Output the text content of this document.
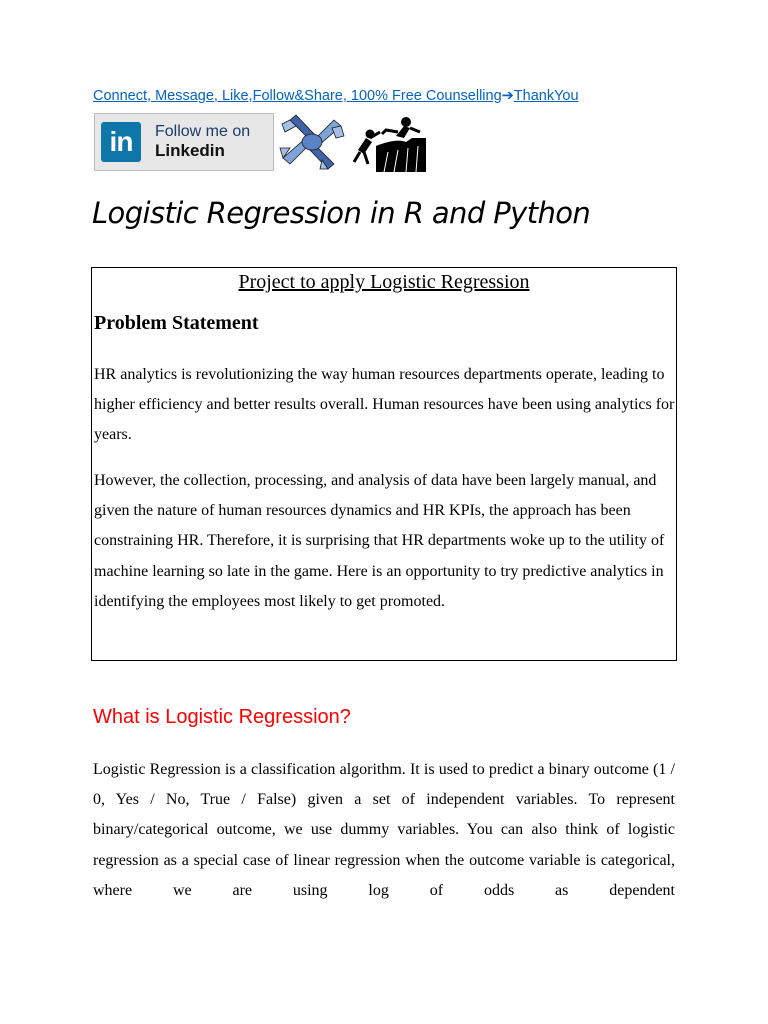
Connect, Message, Like,Follow&Share, 100% Free Counselling➔ThankYou
in	Follow me on
Linkedin
Logistic Regression in R and Python
Project to apply Logistic Regression
Problem Statement

HR analytics is revolutionizing the way human resources departments operate, leading to higher efficiency and better results overall. Human resources have been using analytics for years.

However, the collection, processing, and analysis of data have been largely manual, and given the nature of human resources dynamics and HR KPIs, the approach has been constraining HR. Therefore, it is surprising that HR departments woke up to the utility of machine learning so late in the game. Here is an opportunity to try predictive analytics in identifying the employees most likely to get promoted.

What is Logistic Regression?

Logistic Regression is a classification algorithm. It is used to predict a binary outcome (1 / 0, Yes / No, True / False) given a set of independent variables. To represent binary/categorical outcome, we use dummy variables. You can also think of logistic regression as a special case of linear regression when the outcome variable is categorical, where we are using log of odds as dependent
